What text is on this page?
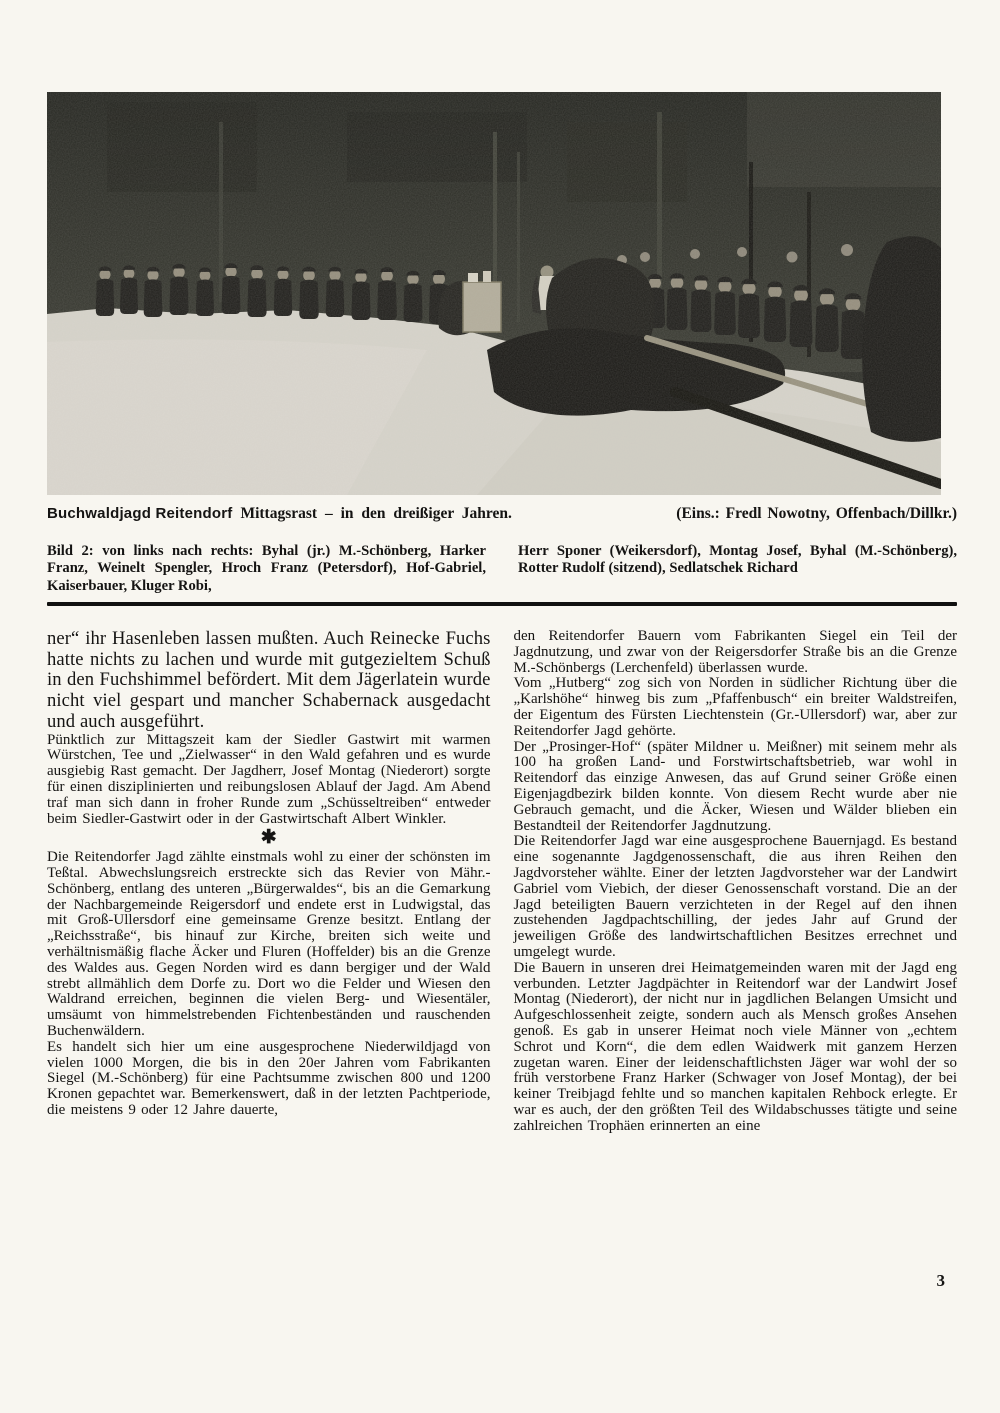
Buchwaldjagd Reitendorf Mittagsrast – in den dreißiger Jahren.	(Eins.: Fredl Nowotny, Offenbach/Dillkr.)
Bild 2: von links nach rechts: Byhal (jr.) M.-Schönberg, Harker Franz, Weinelt Spengler, Hroch Franz (Petersdorf), Hof-Gabriel, Kaiserbauer, Kluger Robi,
Herr Sponer (Weikersdorf), Montag Josef, Byhal (M.-Schönberg), Rotter Rudolf (sitzend), Sedlatschek Richard

ner“ ihr Hasenleben lassen mußten. Auch Reinecke Fuchs hatte nichts zu lachen und wurde mit gutgezieltem Schuß in den Fuchshimmel befördert. Mit dem Jägerlatein wurde nicht viel gespart und mancher Schabernack ausgedacht und auch ausgeführt.

Pünktlich zur Mittagszeit kam der Siedler Gastwirt mit warmen Würstchen, Tee und „Zielwasser“ in den Wald gefahren und es wurde ausgiebig Rast gemacht. Der Jagdherr, Josef Montag (Niederort) sorgte für einen disziplinierten und reibungslosen Ablauf der Jagd. Am Abend traf man sich dann in froher Runde zum „Schüsseltreiben“ entweder beim Siedler-Gastwirt oder in der Gastwirtschaft Albert Winkler.

✱

Die Reitendorfer Jagd zählte einstmals wohl zu einer der schönsten im Teßtal. Abwechslungsreich erstreckte sich das Revier von Mähr.-Schönberg, entlang des unteren „Bürgerwaldes“, bis an die Gemarkung der Nachbargemeinde Reigersdorf und endete erst in Ludwigstal, das mit Groß-Ullersdorf eine gemeinsame Grenze besitzt. Entlang der „Reichsstraße“, bis hinauf zur Kirche, breiten sich weite und verhältnismäßig flache Äcker und Fluren (Hoffelder) bis an die Grenze des Waldes aus. Gegen Norden wird es dann bergiger und der Wald strebt allmählich dem Dorfe zu. Dort wo die Felder und Wiesen den Waldrand erreichen, beginnen die vielen Berg- und Wiesentäler, umsäumt von himmelstrebenden Fichtenbeständen und rauschenden Buchenwäldern.

Es handelt sich hier um eine ausgesprochene Niederwildjagd von vielen 1000 Morgen, die bis in den 20er Jahren vom Fabrikanten Siegel (M.-Schönberg) für eine Pachtsumme zwischen 800 und 1200 Kronen gepachtet war. Bemerkenswert, daß in der letzten Pachtperiode, die meistens 9 oder 12 Jahre dauerte,

den Reitendorfer Bauern vom Fabrikanten Siegel ein Teil der Jagdnutzung, und zwar von der Reigersdorfer Straße bis an die Grenze M.-Schönbergs (Lerchenfeld) überlassen wurde.

Vom „Hutberg“ zog sich von Norden in südlicher Richtung über die „Karlshöhe“ hinweg bis zum „Pfaffenbusch“ ein breiter Waldstreifen, der Eigentum des Fürsten Liechtenstein (Gr.-Ullersdorf) war, aber zur Reitendorfer Jagd gehörte.

Der „Prosinger-Hof“ (später Mildner u. Meißner) mit seinem mehr als 100 ha großen Land- und Forstwirtschaftsbetrieb, war wohl in Reitendorf das einzige Anwesen, das auf Grund seiner Größe einen Eigenjagdbezirk bilden konnte. Von diesem Recht wurde aber nie Gebrauch gemacht, und die Äcker, Wiesen und Wälder blieben ein Bestandteil der Reitendorfer Jagdnutzung.

Die Reitendorfer Jagd war eine ausgesprochene Bauernjagd. Es bestand eine sogenannte Jagdgenossenschaft, die aus ihren Reihen den Jagdvorsteher wählte. Einer der letzten Jagdvorsteher war der Landwirt Gabriel vom Viebich, der dieser Genossenschaft vorstand. Die an der Jagd beteiligten Bauern verzichteten in der Regel auf den ihnen zustehenden Jagdpachtschilling, der jedes Jahr auf Grund der jeweiligen Größe des landwirtschaftlichen Besitzes errechnet und umgelegt wurde.

Die Bauern in unseren drei Heimatgemeinden waren mit der Jagd eng verbunden. Letzter Jagdpächter in Reitendorf war der Landwirt Josef Montag (Niederort), der nicht nur in jagdlichen Belangen Umsicht und Aufgeschlossenheit zeigte, sondern auch als Mensch großes Ansehen genoß. Es gab in unserer Heimat noch viele Männer von „echtem Schrot und Korn“, die dem edlen Waidwerk mit ganzem Herzen zugetan waren. Einer der leidenschaftlichsten Jäger war wohl der so früh verstorbene Franz Harker (Schwager von Josef Montag), der bei keiner Treibjagd fehlte und so manchen kapitalen Rehbock erlegte. Er war es auch, der den größten Teil des Wildabschusses tätigte und seine zahlreichen Trophäen erinnerten an eine

3
